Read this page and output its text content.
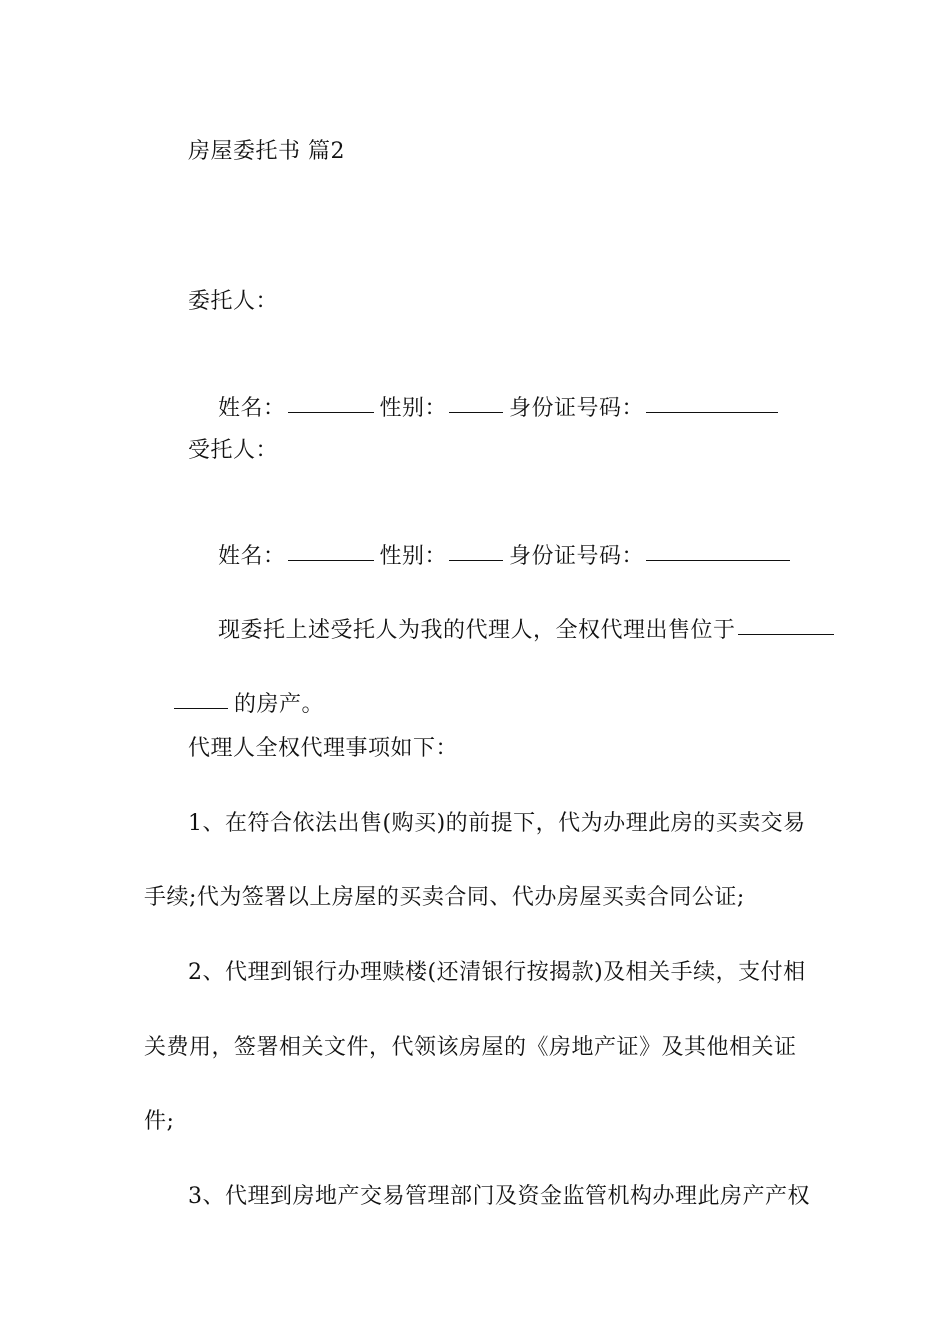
房屋委托书 篇2
委托人：

姓名：	性别：	身份证号码：

受托人：

姓名：	性别：	身份证号码：

现委托上述受托人为我的代理人，全权代理出售位于

的房产。

代理人全权代理事项如下：
1、在符合依法出售(购买)的前提下，代为办理此房的买卖交易
手续;代为签署以上房屋的买卖合同、代办房屋买卖合同公证;
2、代理到银行办理赎楼(还清银行按揭款)及相关手续，支付相
关费用，签署相关文件，代领该房屋的《房地产证》及其他相关证
件;
3、代理到房地产交易管理部门及资金监管机构办理此房产产权
